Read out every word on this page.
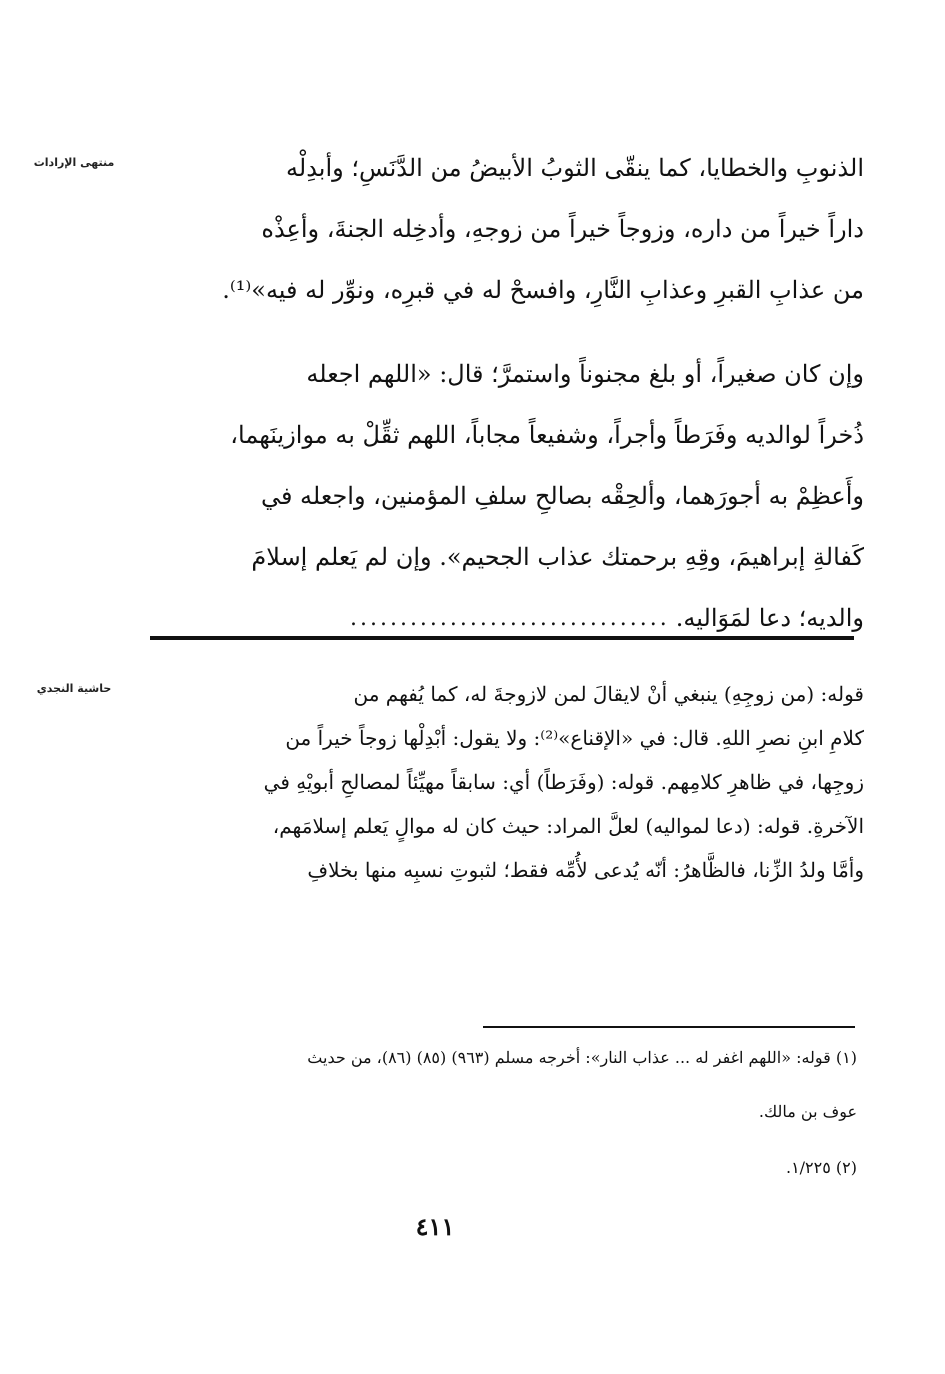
منتهى الإرادات
حاشية النجدي
الذنوبِ والخطايا، كما ينقّى الثوبُ الأبيضُ من الدَّنَسِ؛ وأبدِلْه
داراً خيراً من داره، وزوجاً خيراً من زوجهِ، وأدخِله الجنةَ، وأعِذْه
من عذابِ القبرِ وعذابِ النَّارِ، وافسحْ له في قبرِه، ونوِّر له فيه»⁽¹⁾.
وإن كان صغيراً، أو بلغ مجنوناً واستمرَّ؛ قال: «اللهم اجعله
ذُخراً لوالديه وفَرَطاً وأجراً، وشفيعاً مجاباً، اللهم ثقِّلْ به موازينَهما،
وأَعظِمْ به أجورَهما، وألحِقْه بصالحِ سلفِ المؤمنين، واجعله في
كَفالةِ إبراهيمَ، وقِهِ برحمتك عذاب الجحيم». وإن لم يَعلم إسلامَ
والديه؛ دعا لمَوَاليه.
................................
قوله: (من زوجِهِ) ينبغي أنْ لايقالَ لمن لازوجةَ له، كما يُفهم من
كلامِ ابنِ نصرِ اللهِ. قال: في «الإقناع»⁽²⁾: ولا يقول: أبْدِلْها زوجاً خيراً من
زوجِها، في ظاهرِ كلامِهم. قوله: (وفَرَطاً) أي: سابقاً مهيِّئاً لمصالحِ أبويْهِ في
الآخرةِ. قوله: (دعا لمواليه) لعلَّ المراد: حيث كان له موالٍ يَعلم إسلامَهم،
وأمَّا ولدُ الزِّنا، فالظَّاهرُ: أنّه يُدعى لأُمِّه فقط؛ لثبوتِ نسبِه منها بخلافِ
(١) قوله: «اللهم اغفر له ... عذاب النار»: أخرجه مسلم (٩٦٣) (٨٥) (٨٦)، من حديث
عوف بن مالك.
(٢) ١/٢٢٥.
٤١١
